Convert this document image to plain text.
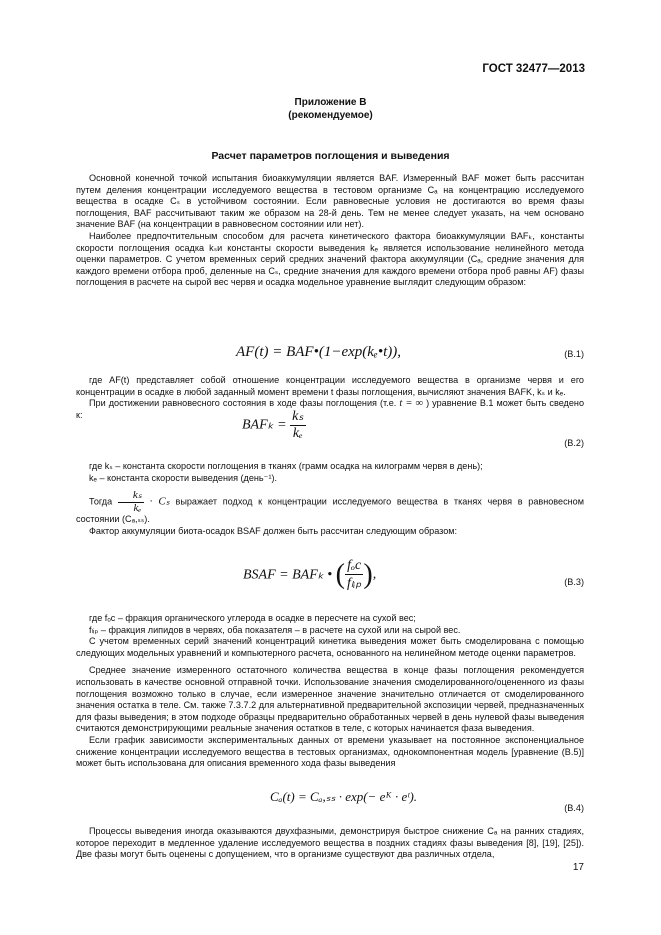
ГОСТ 32477—2013
Приложение В
(рекомендуемое)
Расчет параметров поглощения и выведения

Основной конечной точкой испытания биоаккумуляции является BAF. Измеренный BAF может быть рассчитан путем деления концентрации исследуемого вещества в тестовом организме Cₐ на концентрацию исследуемого вещества в осадке Cₛ в устойчивом состоянии. Если равновесные условия не достигаются во время фазы поглощения, BAF рассчитывают таким же образом на 28-й день. Тем не менее следует указать, на чем основано значение BAF (на концентрации в равновесном состоянии или нет).

Наиболее предпочтительным способом для расчета кинетического фактора биоаккумуляции BAFₖ, константы скорости поглощения осадка kₛи константы скорости выведения kₑ является использование нелинейного метода оценки параметров. С учетом временных серий средних значений фактора аккумуляции (Cₐ, средние значения для каждого времени отбора проб, деленные на Cₛ, средние значения для каждого времени отбора проб равны AF) фазы поглощения в расчете на сырой вес червя и осадка модельное уравнение выглядит следующим образом:

AF(t) = BAF•(1−exp(kₑ•t)),	(В.1)

где AF(t) представляет собой отношение концентрации исследуемого вещества в организме червя и его концентрации в осадке в любой заданный момент времени t фазы поглощения, вычисляют значения BAFK, kₛ и kₑ.

При достижении равновесного состояния в ходе фазы поглощения (т.е. t = ∞ ) уравнение В.1 может быть сведено к:

$BAF_k = \frac{\text{kₛ}}{\text{kₑ}}$
(В.2)

где kₛ – константа скорости поглощения в тканях (грамм осадка на килограмм червя в день);

kₑ – константа скорости выведения (день⁻¹).

Тогда $\frac{\text{kₛ}}{\text{kₑ}} \cdot C_s$ выражает подход к концентрации исследуемого вещества в тканях червя в равновесном состоянии (Cₐ,ₛₛ).

Фактор аккумуляции биота-осадок BSAF должен быть рассчитан следующим образом:

BSAF = BAFₖ • ( $\frac{\text{fₒc}}{\text{fₗᵢₚ}}$ ),	(В.3)

где fₒc – фракция органического углерода в осадке в пересчете на сухой вес;

fₗᵢₚ – фракция липидов в червях, оба показателя – в расчете на сухой или на сырой вес.

С учетом временных серий значений концентраций кинетика выведения может быть смоделирована с помощью следующих модельных уравнений и компьютерного расчета, основанного на нелинейном методе оценки параметров.

Среднее значение измеренного остаточного количества вещества в конце фазы поглощения рекомендуется использовать в качестве основной отправной точки. Использование значения смоделированного/оцененного из фазы поглощения возможно только в случае, если измеренное значение значительно отличается от смоделированного значения остатка в теле. См. также 7.3.7.2 для альтернативной предварительной экспозиции червей, предназначенных для фазы выведения; в этом подходе образцы предварительно обработанных червей в день нулевой фазы выведения считаются демонстрирующими реальные значения остатков в теле, с которых начинается фаза выведения.

Если график зависимости экспериментальных данных от времени указывает на постоянное экспоненциальное снижение концентрации исследуемого вещества в тестовых организмах, однокомпонентная модель [уравнение (В.5)] может быть использована для описания временного хода фазы выведения

Cₐ(t) = Cₐ,ₛₛ · exp(− eᴷ · eᵗ).
(В.4)

Процессы выведения иногда оказываются двухфазными, демонстрируя быстрое снижение Cₐ на ранних стадиях, которое переходит в медленное удаление исследуемого вещества в поздних стадиях фазы выведения [8], [19], [25]). Две фазы могут быть оценены с допущением, что в организме существуют два различных отдела,

17
